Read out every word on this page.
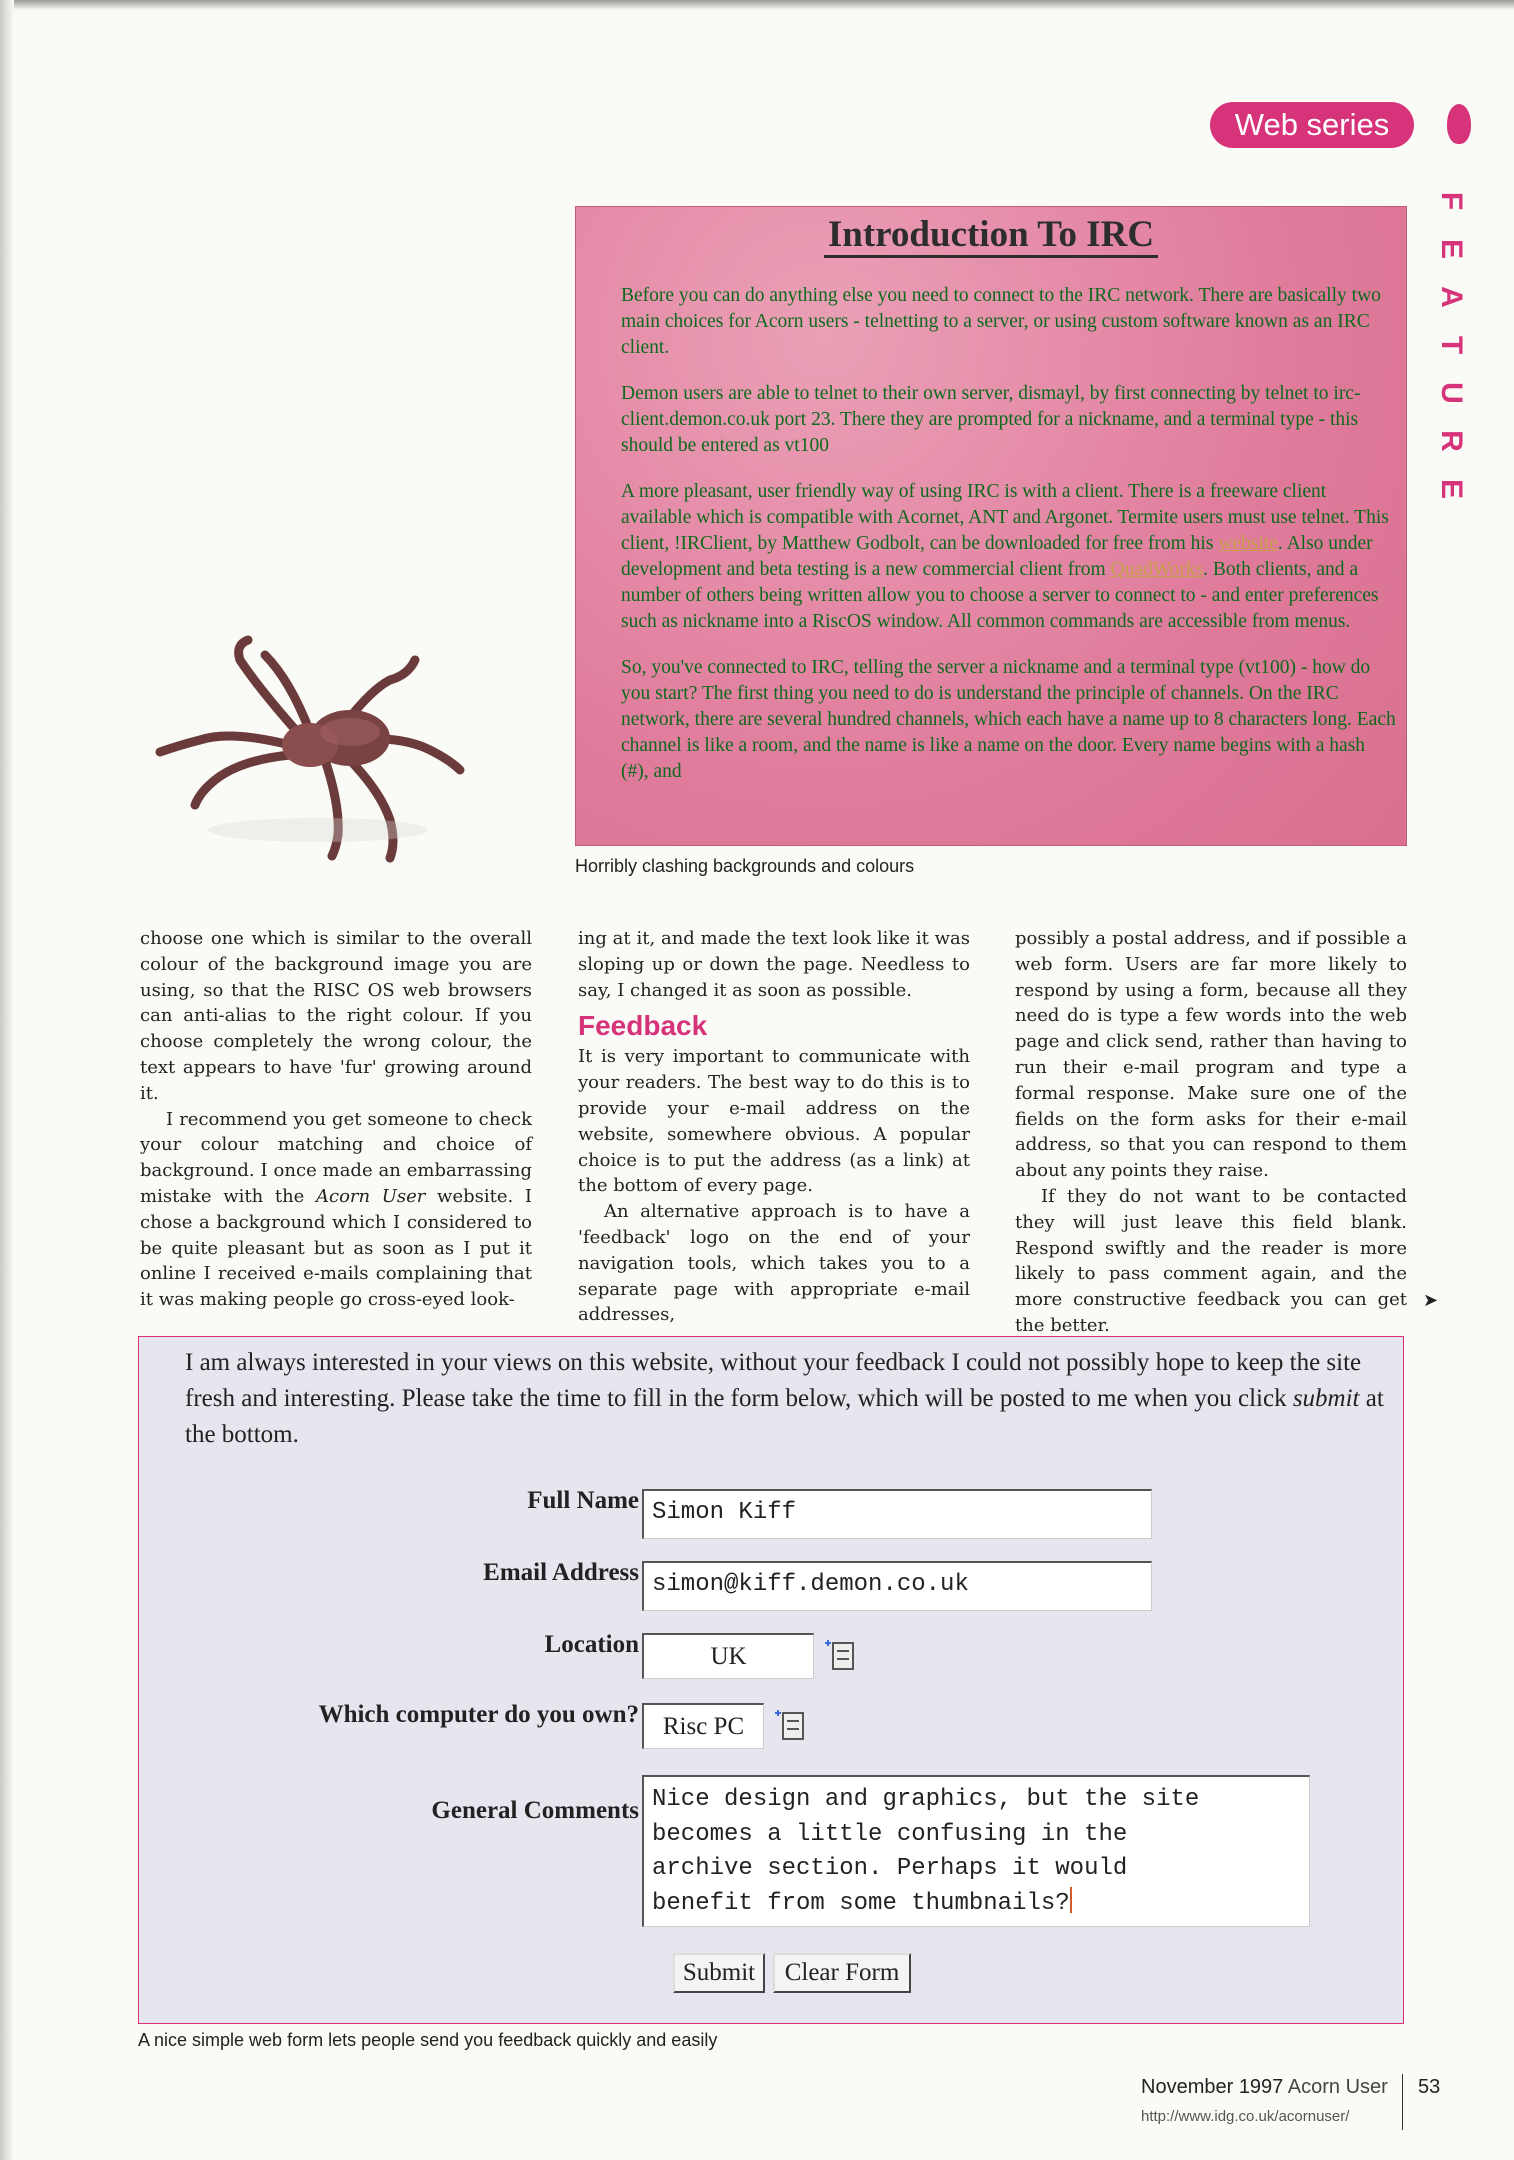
Web series
F
E
A
T
U
R
E
Introduction To IRC

Before you can do anything else you need to connect to the IRC network. There are basically two main choices for Acorn users - telnetting to a server, or using custom software known as an IRC client.

Demon users are able to telnet to their own server, dismayl, by first connecting by telnet to irc-client.demon.co.uk port 23. There they are prompted for a nickname, and a terminal type - this should be entered as vt100

A more pleasant, user friendly way of using IRC is with a client. There is a freeware client available which is compatible with Acornet, ANT and Argonet. Termite users must use telnet. This client, !IRClient, by Matthew Godbolt, can be downloaded for free from his website. Also under development and beta testing is a new commercial client from QuadWorks. Both clients, and a number of others being written allow you to choose a server to connect to - and enter preferences such as nickname into a RiscOS window. All common commands are accessible from menus.

So, you've connected to IRC, telling the server a nickname and a terminal type (vt100) - how do you start? The first thing you need to do is understand the principle of channels. On the IRC network, there are several hundred channels, which each have a name up to 8 characters long. Each channel is like a room, and the name is like a name on the door. Every name begins with a hash (#), and

Horribly clashing backgrounds and colours

choose one which is similar to the overall colour of the background image you are using, so that the RISC OS web browsers can anti-alias to the right colour. If you choose completely the wrong colour, the text appears to have 'fur' growing around it.

I recommend you get someone to check your colour matching and choice of background. I once made an embarrassing mistake with the Acorn User website. I chose a background which I considered to be quite pleasant but as soon as I put it online I received e-mails complaining that it was making people go cross-eyed look-

ing at it, and made the text look like it was sloping up or down the page. Needless to say, I changed it as soon as possible.

Feedback

It is very important to communicate with your readers. The best way to do this is to provide your e-mail address on the website, somewhere obvious. A popular choice is to put the address (as a link) at the bottom of every page.

An alternative approach is to have a 'feedback' logo on the end of your navigation tools, which takes you to a separate page with appropriate e-mail addresses,

possibly a postal address, and if possible a web form. Users are far more likely to respond by using a form, because all they need do is type a few words into the web page and click send, rather than having to run their e-mail program and type a formal response. Make sure one of the fields on the form asks for their e-mail address, so that you can respond to them about any points they raise.

If they do not want to be contacted they will just leave this field blank. Respond swiftly and the reader is more likely to pass comment again, and the more constructive feedback you can get the better.

➤
I am always interested in your views on this website, without your feedback I could not possibly hope to keep the site fresh and interesting. Please take the time to fill in the form below, which will be posted to me when you click submit at the bottom.
Full Name Simon Kiff
Email Address simon@kiff.demon.co.uk
Location	UK
Which computer do you own? Risc PC
General Comments Nice design and graphics, but the site
becomes a little confusing in the
archive section. Perhaps it would
benefit from some thumbnails?
Submit	Clear Form
A nice simple web form lets people send you feedback quickly and easily
November 1997 Acorn User
http://www.idg.co.uk/acornuser/
53
